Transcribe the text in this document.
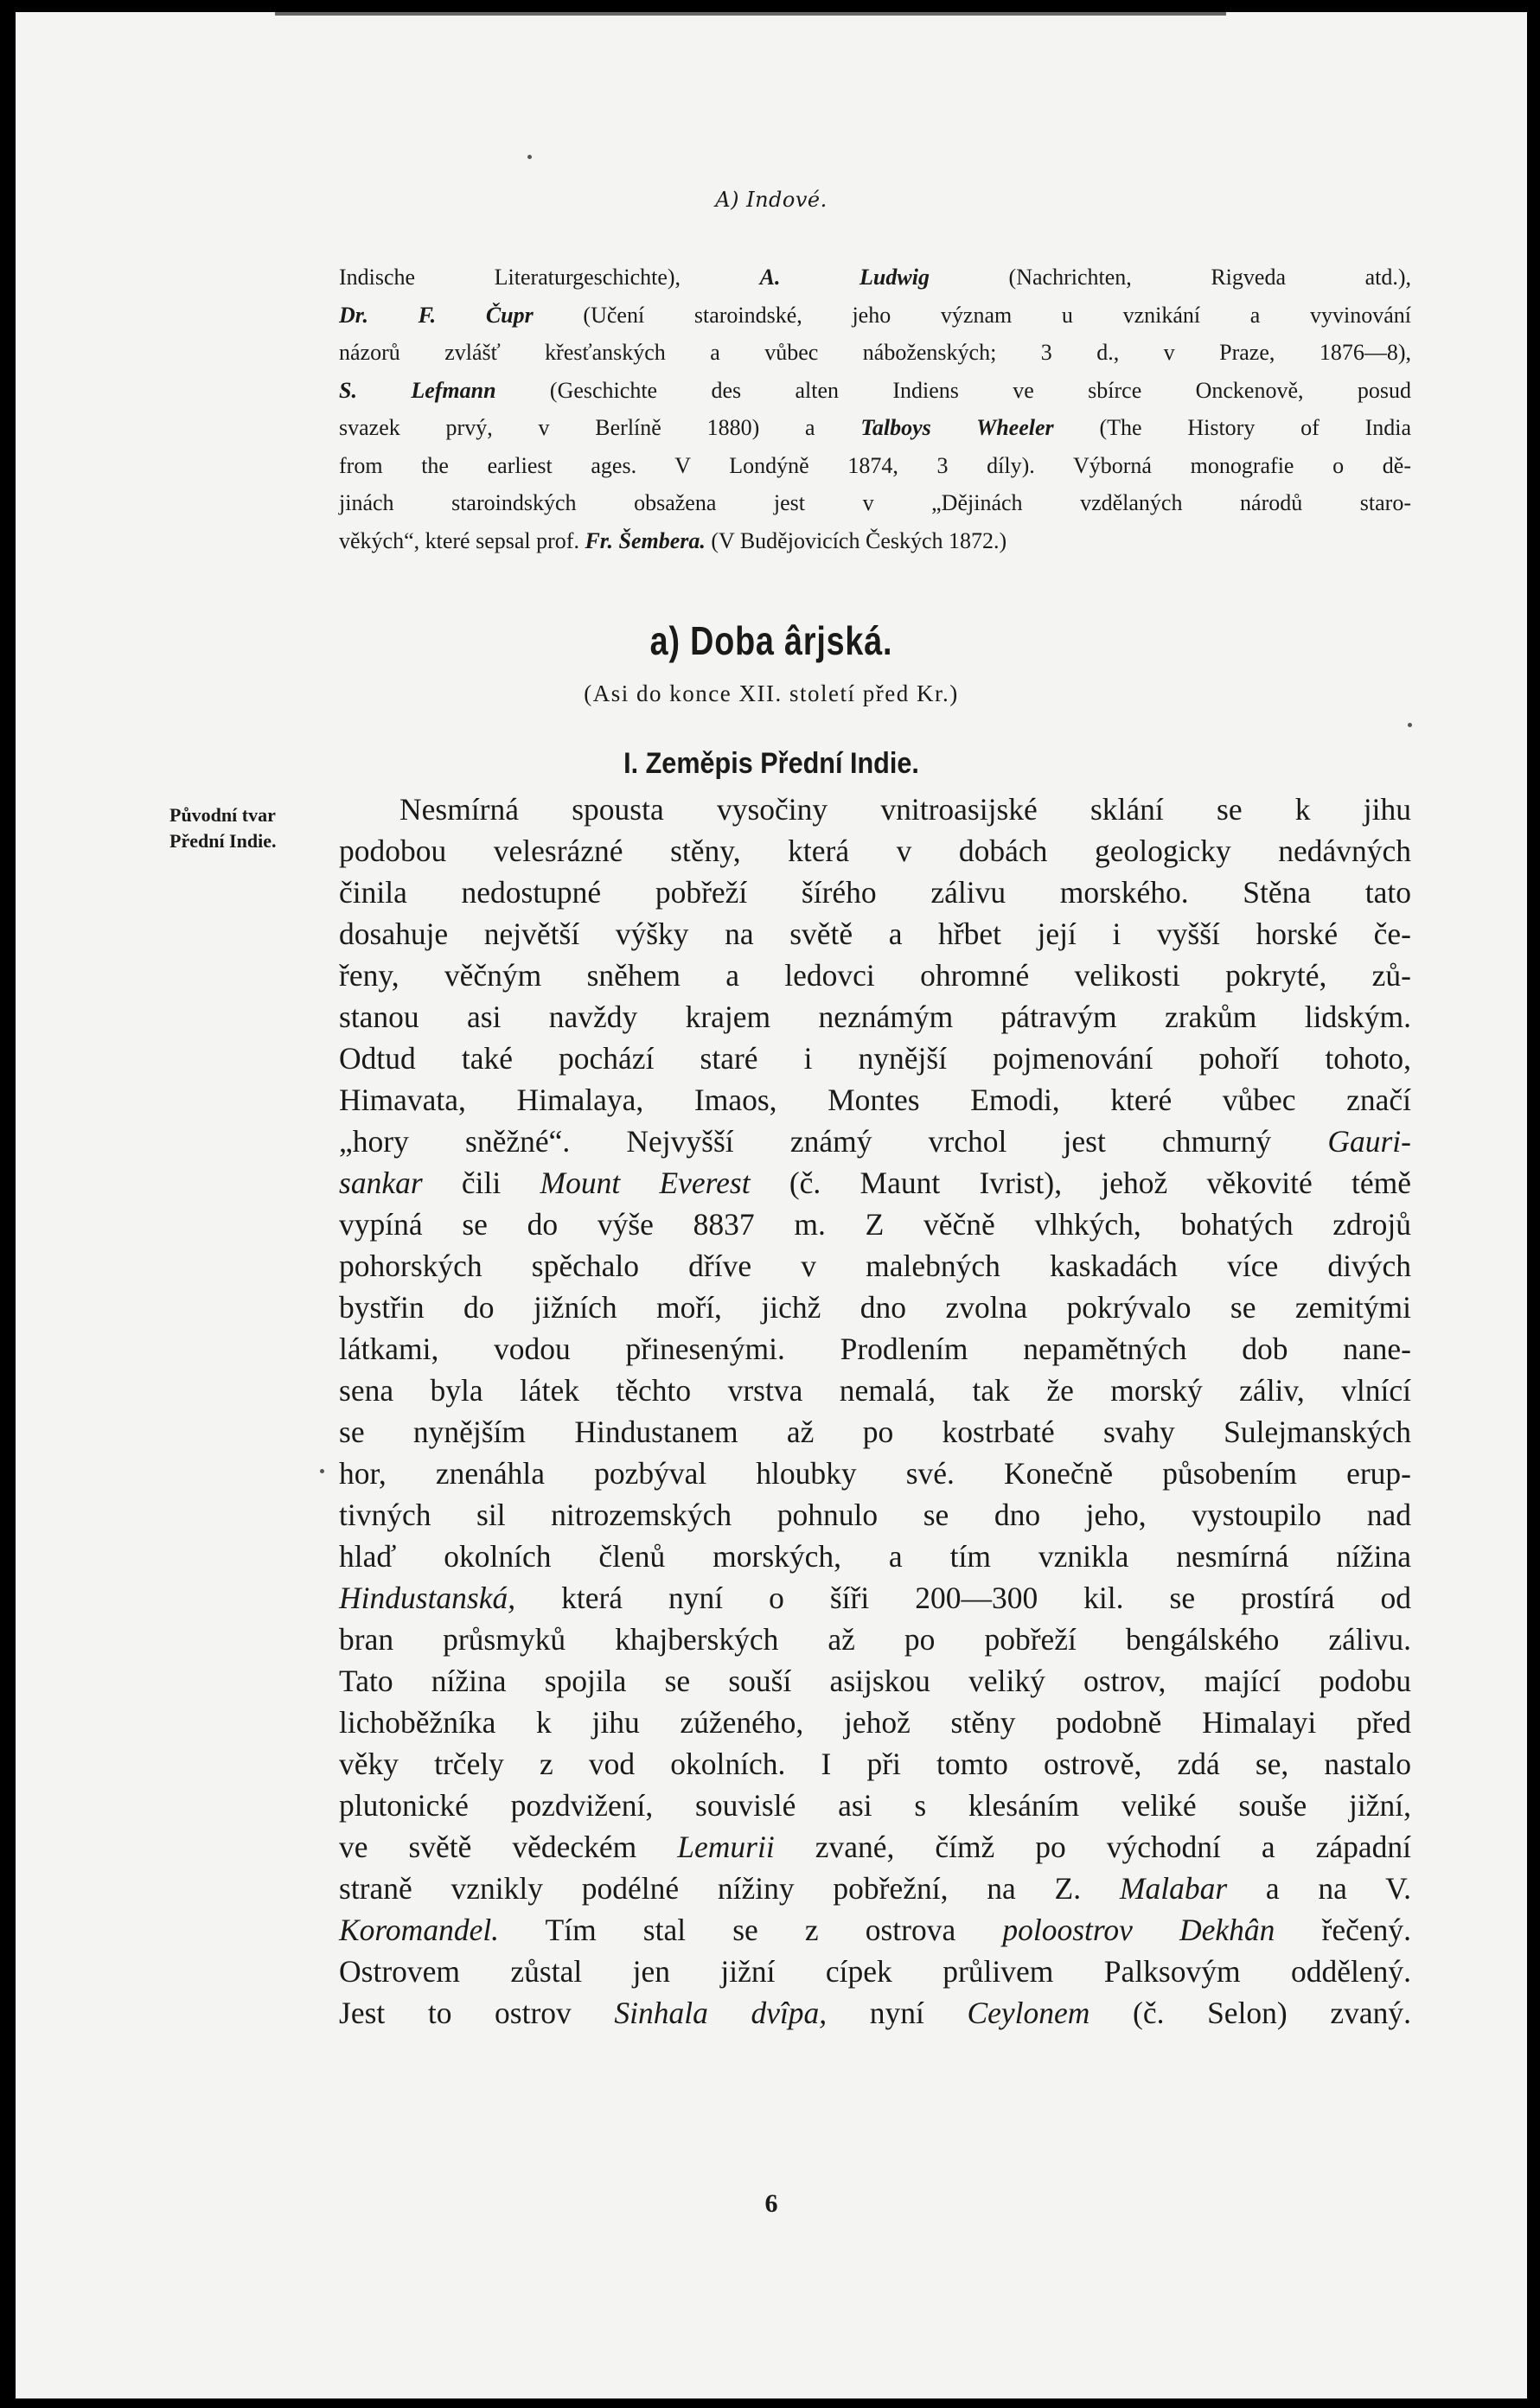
A) Indové.
Indische Literaturgeschichte), A. Ludwig (Nachrichten, Rigveda atd.),
Dr. F. Čupr (Učení staroindské, jeho význam u vznikání a vyvinování
názorů zvlášť křesťanských a vůbec náboženských; 3 d., v Praze, 1876—8),
S. Lefmann (Geschichte des alten Indiens ve sbírce Onckenově, posud
svazek prvý, v Berlíně 1880) a Talboys Wheeler (The History of India
from the earliest ages. V Londýně 1874, 3 díly). Výborná monografie o dě-
jinách staroindských obsažena jest v „Dějinách vzdělaných národů staro-
věkých“, které sepsal prof. Fr. Šembera. (V Budějovicích Českých 1872.)
a) Doba ârjská.
(Asi do konce XII. století před Kr.)
I. Zeměpis Přední Indie.
Původní tvar
Přední Indie.
Nesmírná spousta vysočiny vnitroasijské sklání se k jihu
podobou velesrázné stěny, která v dobách geologicky nedávných
činila nedostupné pobřeží šírého zálivu morského. Stěna tato
dosahuje největší výšky na světě a hřbet její i vyšší horské če-
řeny, věčným sněhem a ledovci ohromné velikosti pokryté, zů-
stanou asi navždy krajem neznámým pátravým zrakům lidským.
Odtud také pochází staré i nynější pojmenování pohoří tohoto,
Himavata, Himalaya, Imaos, Montes Emodi, které vůbec značí
„hory sněžné“. Nejvyšší známý vrchol jest chmurný Gauri-
sankar čili Mount Everest (č. Maunt Ivrist), jehož věkovité témě
vypíná se do výše 8837 m. Z věčně vlhkých, bohatých zdrojů
pohorských spěchalo dříve v malebných kaskadách více divých
bystřin do jižních moří, jichž dno zvolna pokrývalo se zemitými
látkami, vodou přinesenými. Prodlením nepamětných dob nane-
sena byla látek těchto vrstva nemalá, tak že morský záliv, vlnící
se nynějším Hindustanem až po kostrbaté svahy Sulejmanských
hor, znenáhla pozbýval hloubky své. Konečně působením erup-
tivných sil nitrozemských pohnulo se dno jeho, vystoupilo nad
hlaď okolních členů morských, a tím vznikla nesmírná nížina
Hindustanská, která nyní o šíři 200—300 kil. se prostírá od
bran průsmyků khajberských až po pobřeží bengálského zálivu.
Tato nížina spojila se souší asijskou veliký ostrov, mající podobu
lichoběžníka k jihu zúženého, jehož stěny podobně Himalayi před
věky trčely z vod okolních. I při tomto ostrově, zdá se, nastalo
plutonické pozdvižení, souvislé asi s klesáním veliké souše jižní,
ve světě vědeckém Lemurii zvané, čímž po východní a západní
straně vznikly podélné nížiny pobřežní, na Z. Malabar a na V.
Koromandel. Tím stal se z ostrova poloostrov Dekhân řečený.
Ostrovem zůstal jen jižní cípek průlivem Palksovým oddělený.
Jest to ostrov Sinhala dvîpa, nyní Ceylonem (č. Selon) zvaný.
6
